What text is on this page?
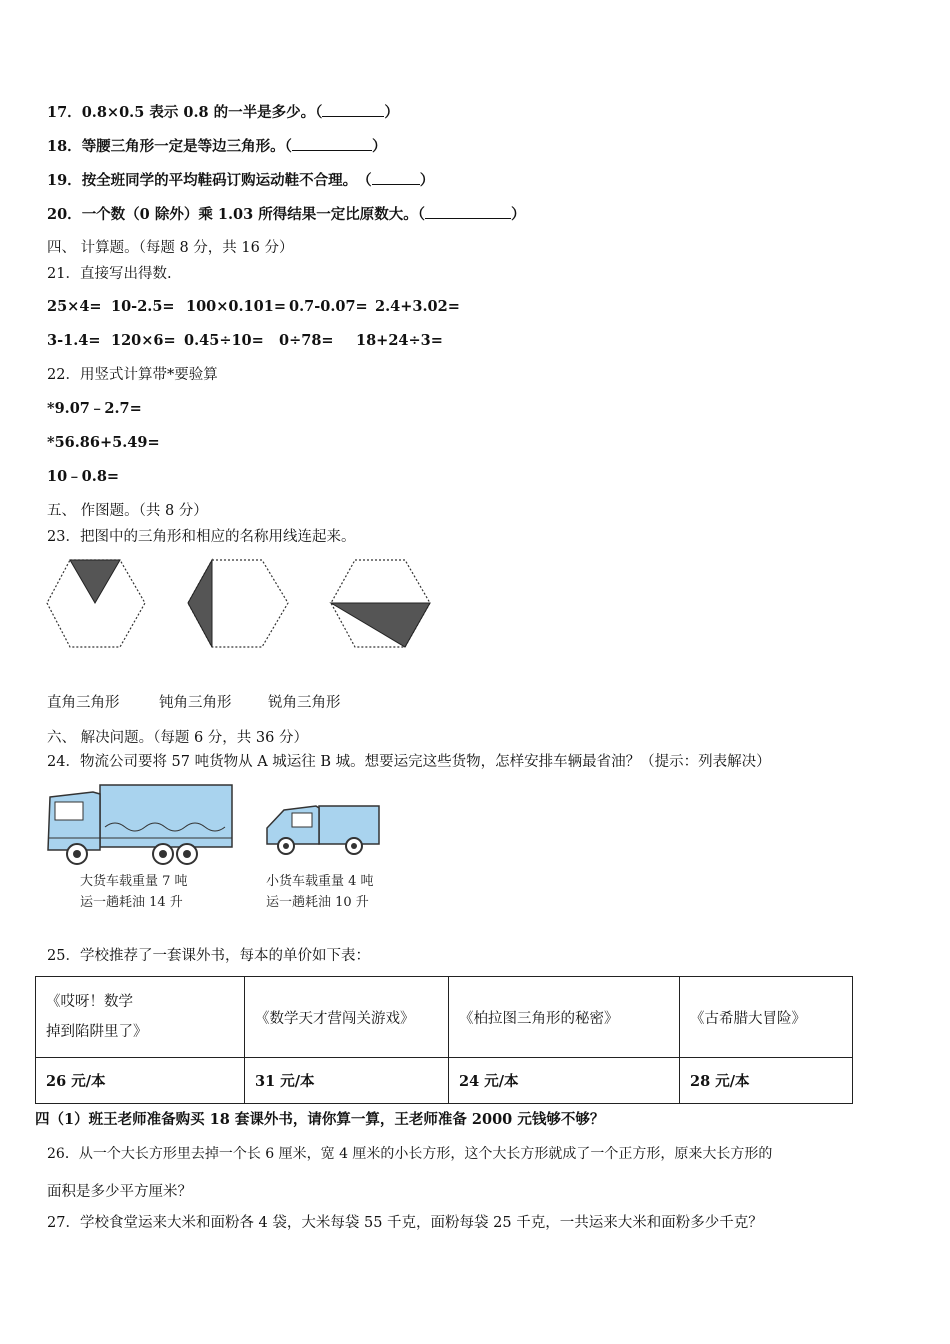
17．0.8×0.5 表示 0.8 的一半是多少。（	）
18．等腰三角形一定是等边三角形。（	）
19．按全班同学的平均鞋码订购运动鞋不合理。　（	）
20．一个数（0 除外）乘 1.03 所得结果一定比原数大。（	）
四、 计算题。（每题 8 分，共 16 分）
21．直接写出得数.
25×4= 10-2.5= 100×0.101= 0.7-0.07= 2.4+3.02=
3-1.4= 120×6= 0.45÷10= 0÷78= 18+24÷3=
22．用竖式计算带*要验算
*9.07﹣2.7=
*56.86+5.49=
10﹣0.8=
五、 作图题。（共 8 分）
23．把图中的三角形和相应的名称用线连起来。
直角三角形	钝角三角形	锐角三角形
六、 解决问题。（每题 6 分，共 36 分）
24．物流公司要将 57 吨货物从 A 城运往 B 城。想要运完这些货物，怎样安排车辆最省油？（提示：列表解决）
大货车载重量 7 吨
运一趟耗油 14 升
小货车载重量 4 吨
运一趟耗油 10 升
25．学校推荐了一套课外书，每本的单价如下表：
《哎呀！数学
掉到陷阱里了》	《数学天才营闯关游戏》	《柏拉图三角形的秘密》	《古希腊大冒险》
26 元/本	31 元/本	24 元/本	28 元/本
四（1）班王老师准备购买 18 套课外书，请你算一算，王老师准备 2000 元钱够不够？
26．从一个大长方形里去掉一个长 6 厘米，宽 4 厘米的小长方形，这个大长方形就成了一个正方形，原来大长方形的
面积是多少平方厘米？
27．学校食堂运来大米和面粉各 4 袋，大米每袋 55 千克，面粉每袋 25 千克，一共运来大米和面粉多少千克？
